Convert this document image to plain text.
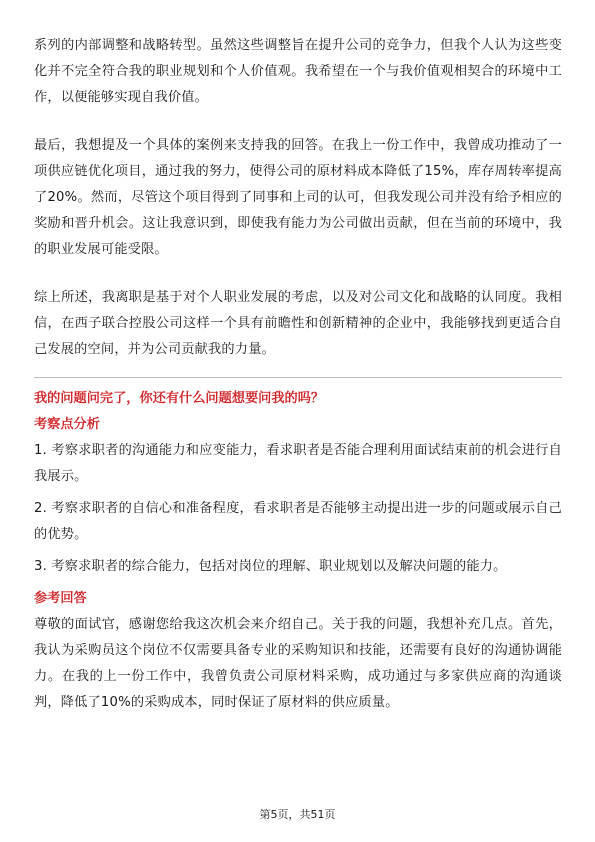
系列的内部调整和战略转型。虽然这些调整旨在提升公司的竞争力，但我个人认为这些变化并不完全符合我的职业规划和个人价值观。我希望在一个与我价值观相契合的环境中工作，以便能够实现自我价值。

最后，我想提及一个具体的案例来支持我的回答。在我上一份工作中，我曾成功推动了一项供应链优化项目，通过我的努力，使得公司的原材料成本降低了15%，库存周转率提高了20%。然而，尽管这个项目得到了同事和上司的认可，但我发现公司并没有给予相应的奖励和晋升机会。这让我意识到，即使我有能力为公司做出贡献，但在当前的环境中，我的职业发展可能受限。

综上所述，我离职是基于对个人职业发展的考虑，以及对公司文化和战略的认同度。我相信，在西子联合控股公司这样一个具有前瞻性和创新精神的企业中，我能够找到更适合自己发展的空间，并为公司贡献我的力量。

我的问题问完了，你还有什么问题想要问我的吗？

考察点分析

1. 考察求职者的沟通能力和应变能力，看求职者是否能合理利用面试结束前的机会进行自我展示。

2. 考察求职者的自信心和准备程度，看求职者是否能够主动提出进一步的问题或展示自己的优势。

3. 考察求职者的综合能力，包括对岗位的理解、职业规划以及解决问题的能力。

参考回答

尊敬的面试官，感谢您给我这次机会来介绍自己。关于我的问题，我想补充几点。首先，我认为采购员这个岗位不仅需要具备专业的采购知识和技能，还需要有良好的沟通协调能力。在我的上一份工作中，我曾负责公司原材料采购，成功通过与多家供应商的沟通谈判，降低了10%的采购成本，同时保证了原材料的供应质量。

第5页，共51页
